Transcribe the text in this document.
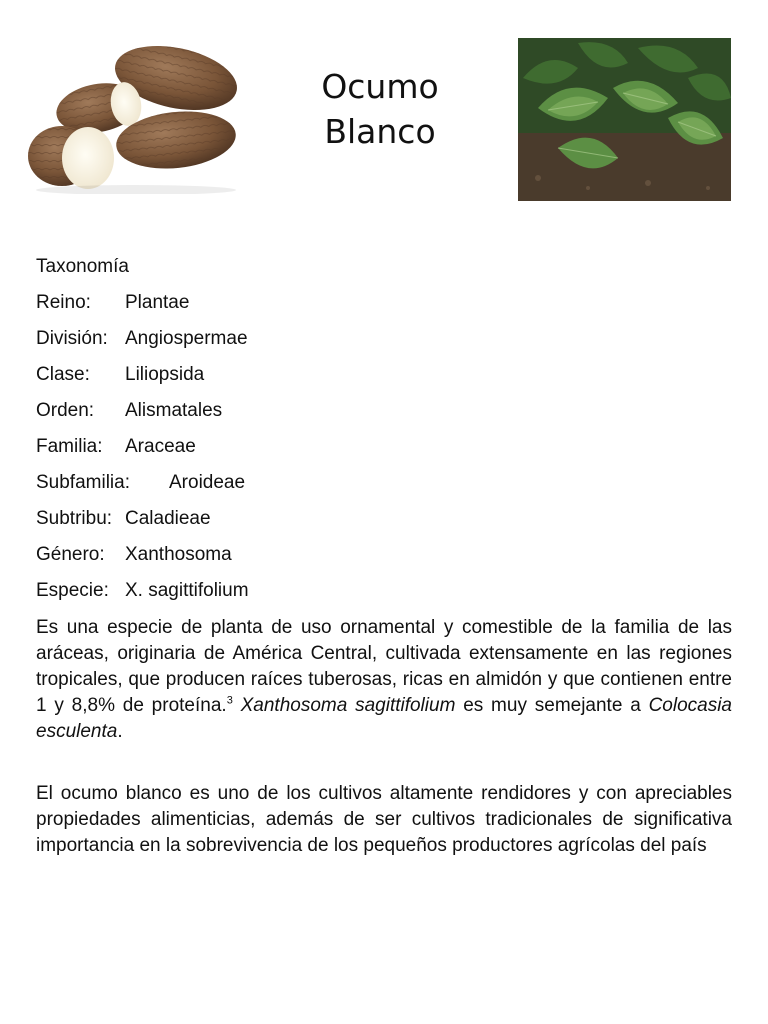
Ocumo
Blanco
Taxonomía
Reino: Plantae
División: Angiospermae
Clase: Liliopsida
Orden: Alismatales
Familia: Araceae
Subfamilia: Aroideae
Subtribu: Caladieae
Género: Xanthosoma
Especie: X. sagittifolium

Es una especie de planta de uso ornamental y comestible de la familia de las aráceas, originaria de América Central, cultivada extensamente en las regiones tropicales, que producen raíces tuberosas, ricas en almidón y que contienen entre 1 y 8,8% de proteína.$^3$ Xanthosoma sagittifolium es muy semejante a Colocasia esculenta.

El ocumo blanco es uno de los cultivos altamente rendidores y con apreciables propiedades alimenticias, además de ser cultivos tradicionales de significativa importancia en la sobrevivencia de los pequeños productores agrícolas del país
